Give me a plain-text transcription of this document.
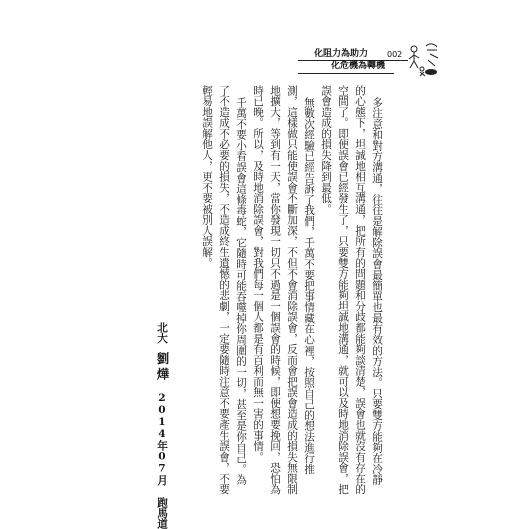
化阻力為助力 002
化危機為轉機
多注意和對方溝通，往往是解除誤會最簡單也最有效的方法。只要雙方能夠在冷靜
的心態下，坦誠地相互溝通，把所有的問題和分歧都能夠談清楚，誤會也就沒有存在的
空間了。即便誤會已經發生了，只要雙方能夠坦誠地溝通，就可以及時地消除誤會，把
誤會造成的損失降到最低。
無數次經驗已經告訴了我們，千萬不要把事情藏在心裡，按照自己的想法進行推
測，這樣做只能使誤會不斷加深，不但不會消除誤會，反而會把誤會造成的損失無限制
地擴大，等到有一天，當你發現一切只不過是一個誤會的時候，即便想要挽回，恐怕為
時已晚。所以，及時地消除誤會，對我們每一個人都是有百利而無一害的事情。
千萬不要小看誤會這條毒蛇，它隨時可能吞噬掉你周圍的一切，甚至是你自己。為
了不造成不必要的損失，不造成終生遺憾的悲劇，一定要隨時注意不要產生誤會，不要
輕易地誤解他人，更不要被別人誤解。
北大
劉燁
2014年07月 跑馬道
